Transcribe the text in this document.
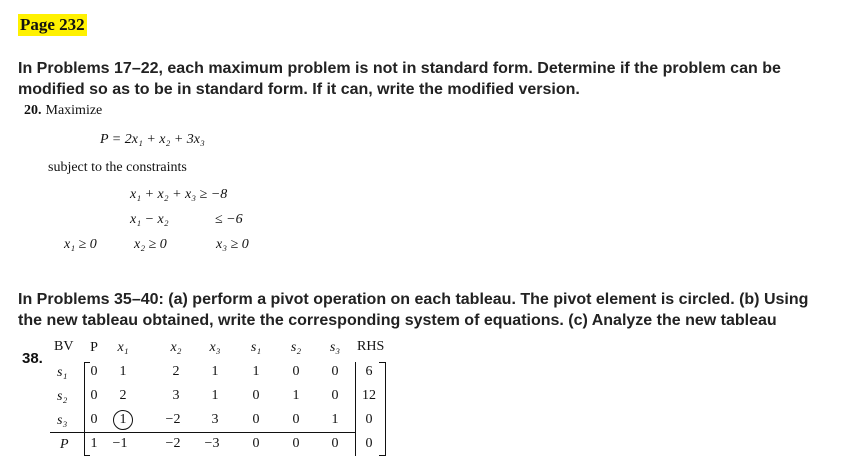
Page 232
In Problems 17–22, each maximum problem is not in standard form. Determine if the problem can be
modified so as to be in standard form. If it can, write the modified version.
20. Maximize
P = 2x₁ + x₂ + 3x₃
subject to the constraints
x₁ + x₂ + x₃ ≥ −8
x₁ − x₂	≤ −6
x₁ ≥ 0	x₂ ≥ 0	x₃ ≥ 0
In Problems 35–40: (a) perform a pivot operation on each tableau. The pivot element is circled. (b) Using
the new tableau obtained, write the corresponding system of equations. (c) Analyze the new tableau
38.
BV	P	x₁	x₂	x₃	s₁	s₂	s₃	RHS
s₁	0	1	2	1	1	0	0	6
s₂	0	2	3	1	0	1	0	12
s₃	0	1	−2	3	0	0	1	0
P	1	−1	−2	−3	0	0	0	0
